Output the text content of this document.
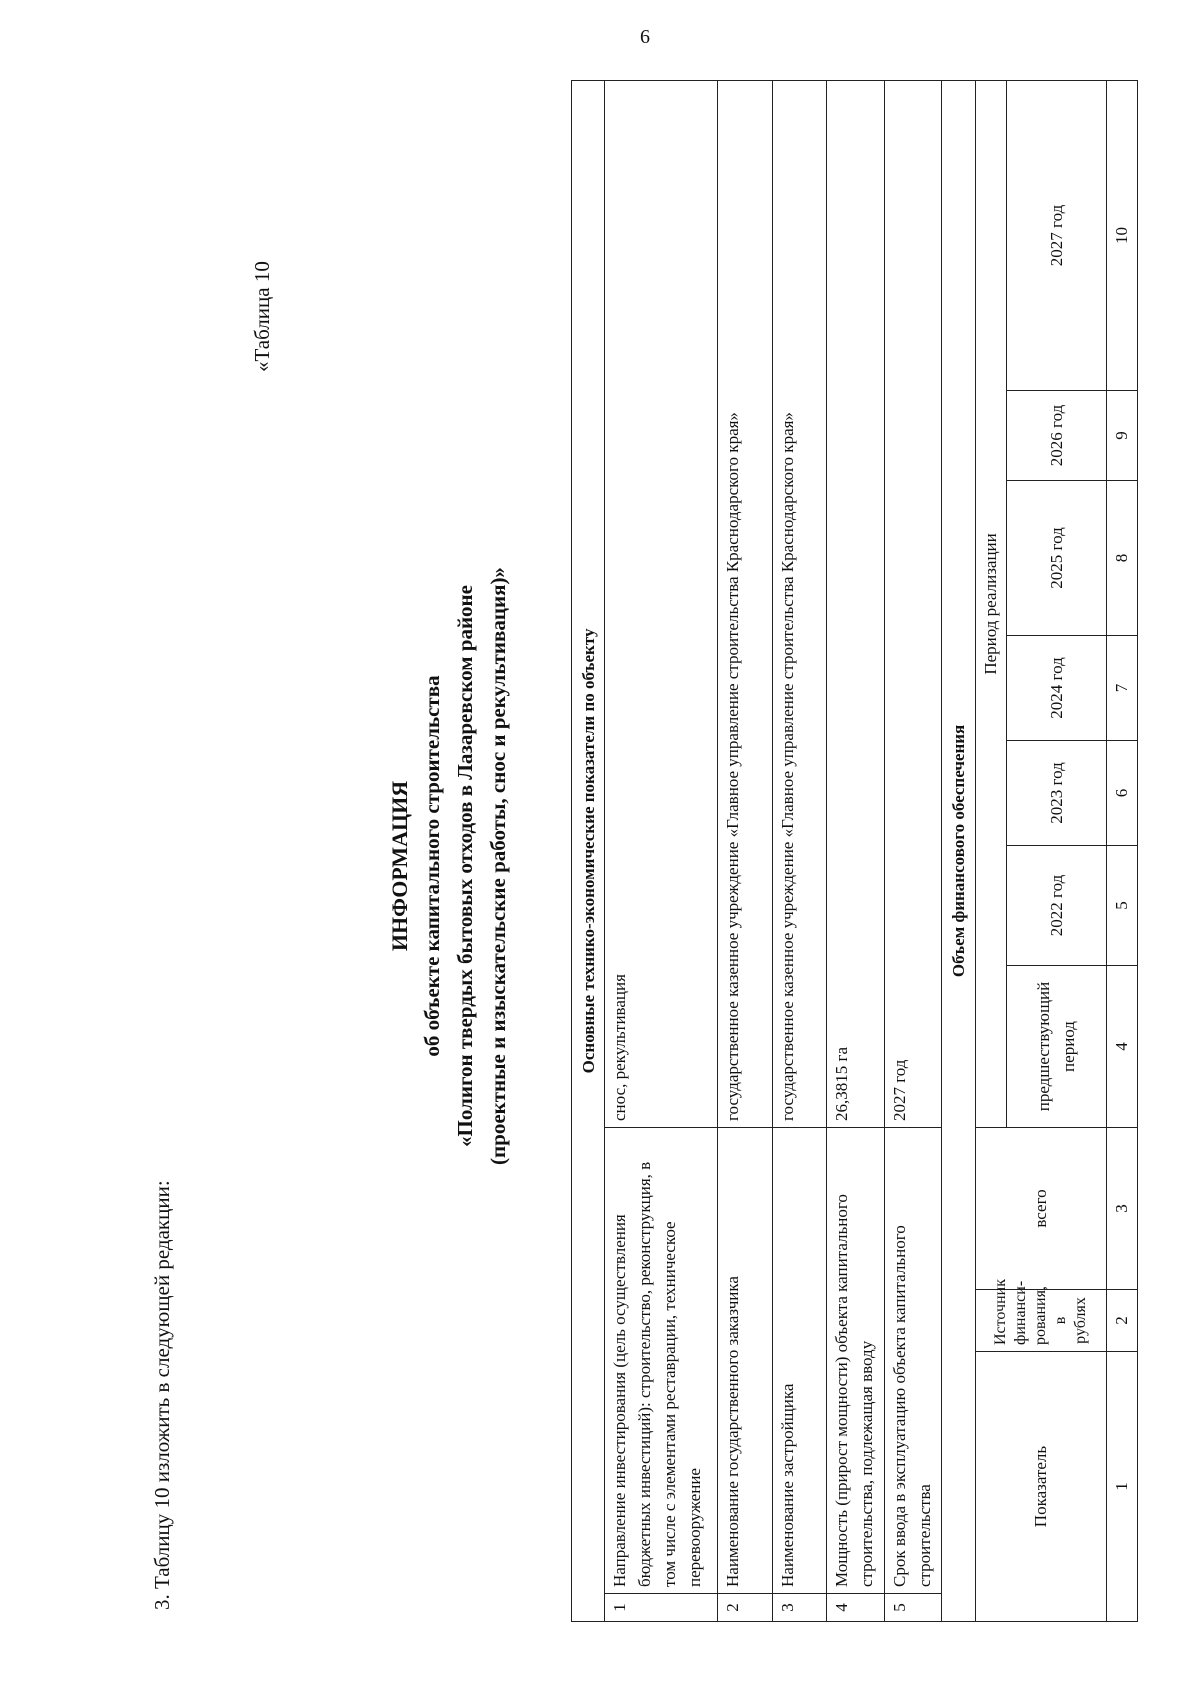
6
3. Таблицу 10 изложить в следующей редакции:
«Таблица 10
ИНФОРМАЦИЯ об объекте капитального строительства «Полигон твердых бытовых отходов в Лазаревском районе (проектные и изыскательские работы, снос и рекультивация)»	Основные технико-экономические показатели по объекту										
1	Направление инвестирования (цель осуществления бюджетных инвестиций): строительство, реконструкция, в том числе с элементами реставрации, техническое перевооружение			снос, рекультивация						
2	Наименование государственного заказчика			государственное казенное учреждение «Главное управление строительства Краснодарского края»						
3	Наименование застройщика			государственное казенное учреждение «Главное управление строительства Краснодарского края»						
4	Мощность (прирост мощности) объекта капитального строительства, подлежащая вводу			26,3815 га						
5	Срок ввода в эксплуатацию объекта капитального строительства			2027 год						
Объем финансового обеспечения										
Показатель		Источник финанси-рования, в рублях	всего	Период реализации						
				предшествующий период	2022 год	2023 год	2024 год	2025 год	2026 год	2027 год
1		2	3	4	5	6	7	8	9	10
